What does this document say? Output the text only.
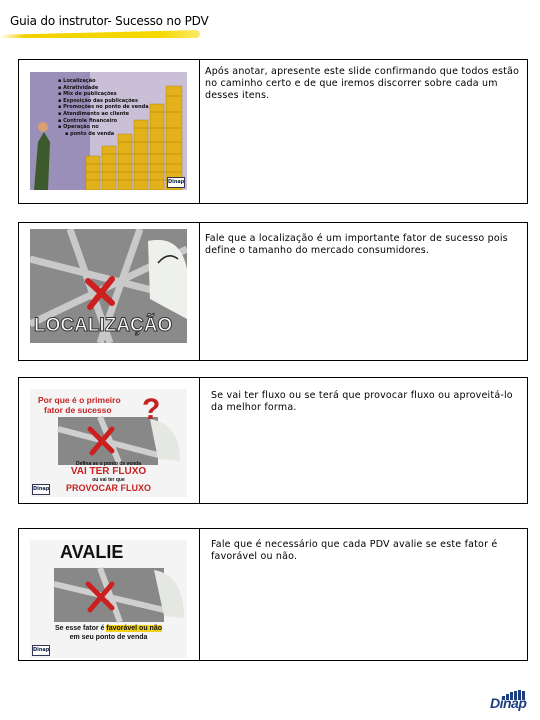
Guia do instrutor- Sucesso no PDV
▪ Localização
▪ Atratividade
▪ Mix de publicações
▪ Exposição das publicações
▪ Promoções no ponto de venda
▪ Atendimento ao cliente
▪ Controle financeiro
▪ Operação no
▪ ponto de venda
Dinap
Após anotar, apresente este slide confirmando que todos estão no caminho certo e de que iremos discorrer sobre cada um desses itens.
LOCALIZAÇÃO
Fale que a localização é um importante fator de sucesso pois define o tamanho do mercado consumidores.
?
Por que é o primeiro
fator de sucesso
Defina se o ponto de venda
VAI TER FLUXO
ou vai ter que
PROVOCAR FLUXO
Dinap
Se vai ter fluxo ou se terá que provocar fluxo ou aproveitá-lo da melhor forma.
AVALIE
Se esse fator é favorável ou não
em seu ponto de venda
Dinap
Fale que é necessário que cada PDV avalie se este fator é favorável ou não.
Dinap
